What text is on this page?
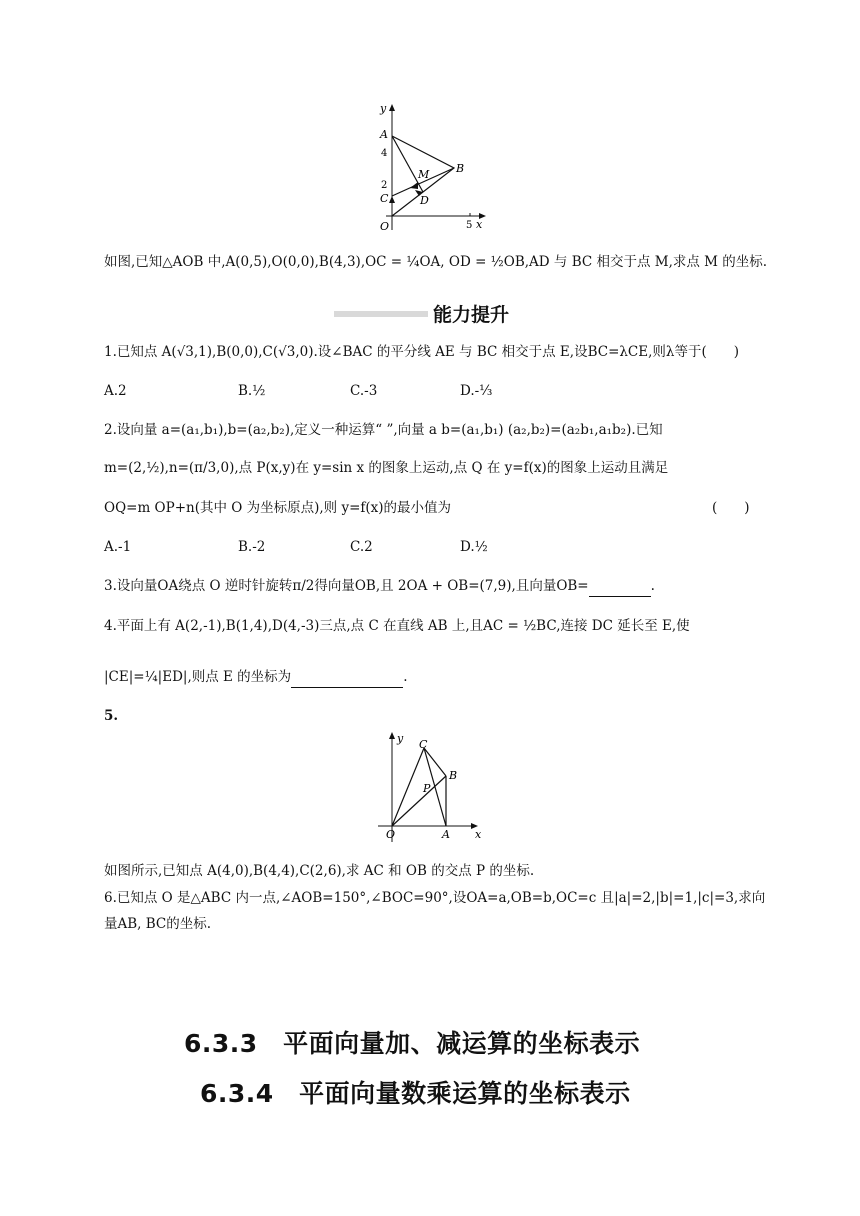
y
x
O
4
2
5
A
B
C	D
M
如图,已知△AOB 中,A(0,5),O(0,0),B(4,3),OC = ¼OA, OD = ½OB,AD 与 BC 相交于点 M,求点 M 的坐标.
能力提升
1.已知点 A(√3,1),B(0,0),C(√3,0).设∠BAC 的平分线 AE 与 BC 相交于点 E,设BC=λCE,则λ等于(　　)
A.2	B.½	C.-3	D.-⅓
2.设向量 a=(a₁,b₁),b=(a₂,b₂),定义一种运算“ ”,向量 a b=(a₁,b₁) (a₂,b₂)=(a₂b₁,a₁b₂).已知
m=(2,½),n=(π/3,0),点 P(x,y)在 y=sin x 的图象上运动,点 Q 在 y=f(x)的图象上运动且满足
OQ=m OP+n(其中 O 为坐标原点),则 y=f(x)的最小值为	(　　)
A.-1	B.-2	C.2	D.½
3.设向量OA绕点 O 逆时针旋转π/2得向量OB,且 2OA + OB=(7,9),且向量OB=	.
4.平面上有 A(2,-1),B(1,4),D(4,-3)三点,点 C 在直线 AB 上,且AC = ½BC,连接 DC 延长至 E,使
|CE|=¼|ED|,则点 E 的坐标为	.
5.
y
x
O	A
B
C
P
如图所示,已知点 A(4,0),B(4,4),C(2,6),求 AC 和 OB 的交点 P 的坐标.
6.已知点 O 是△ABC 内一点,∠AOB=150°,∠BOC=90°,设OA=a,OB=b,OC=c 且|a|=2,|b|=1,|c|=3,求向
量AB, BC的坐标.
6.3.3　平面向量加、减运算的坐标表示
6.3.4　平面向量数乘运算的坐标表示
